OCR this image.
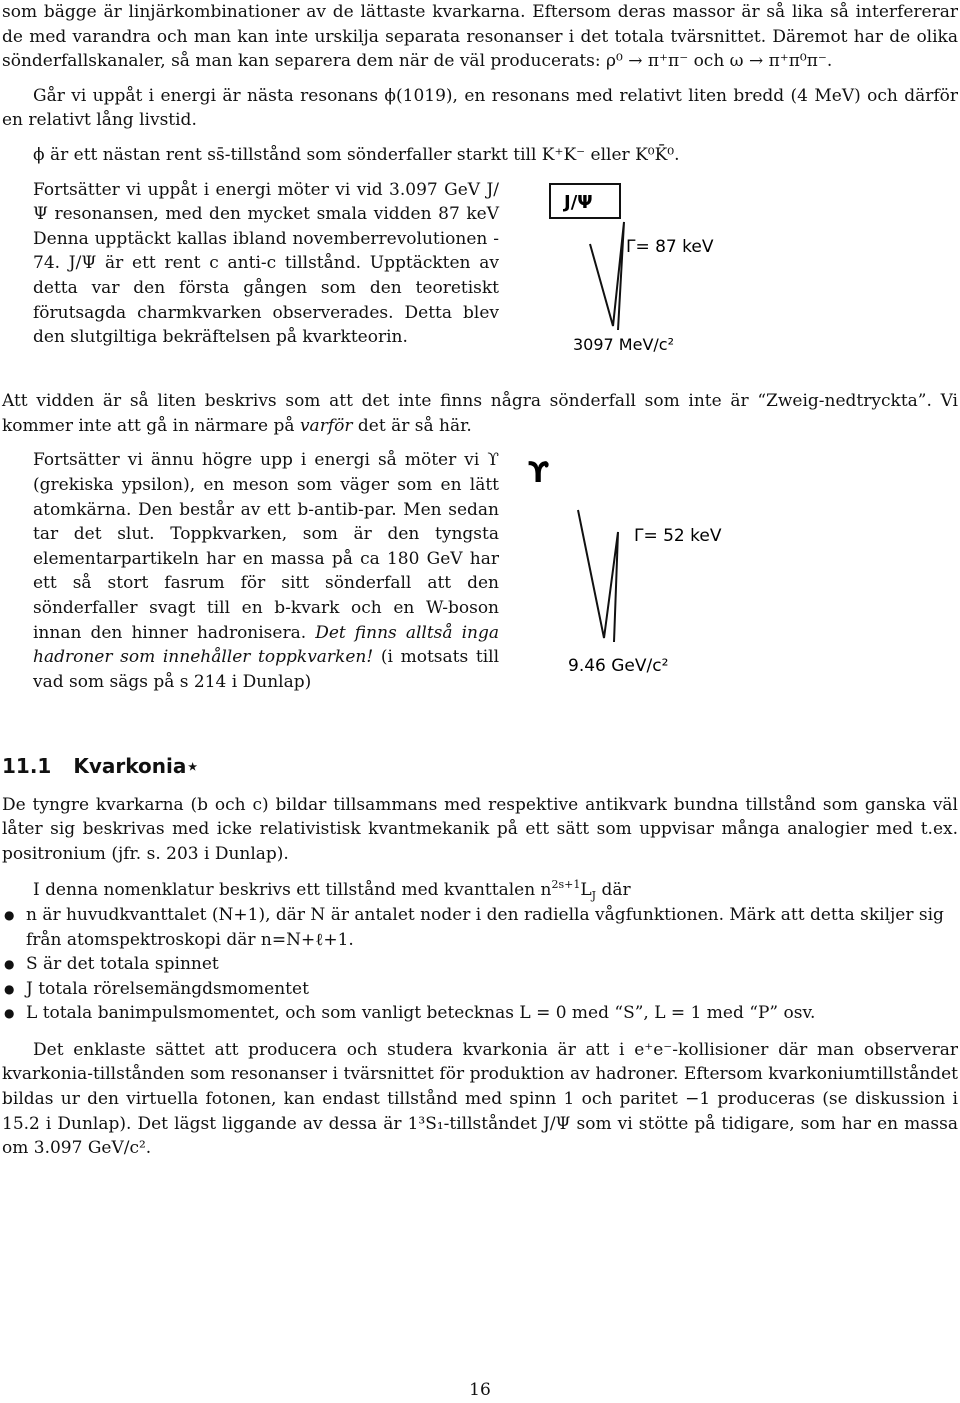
som bägge är linjärkombinationer av de lättaste kvarkarna. Eftersom deras massor är så lika så interfererar de med varandra och man kan inte urskilja separata resonanser i det totala tvärsnittet. Däremot har de olika sönderfallskanaler, så man kan separera dem när de väl producerats: ρ⁰ → π⁺π⁻ och ω → π⁺π⁰π⁻.

Går vi uppåt i energi är nästa resonans ϕ(1019), en resonans med relativt liten bredd (4 MeV) och därför en relativt lång livstid.

ϕ är ett nästan rent ss̄-tillstånd som sönderfaller starkt till K⁺K⁻ eller K⁰K̄⁰.

Fortsätter vi uppåt i energi möter vi vid 3.097 GeV J/Ψ resonansen, med den mycket smala vidden 87 keV Denna upptäckt kallas ibland novemberrevolutionen - 74. J/Ψ är ett rent c anti-c tillstånd. Upptäckten av detta var den första gången som den teoretiskt förutsagda charmkvarken observerades. Detta blev den slutgiltiga bekräftelsen på kvarkteorin.

J/Ψ
Γ= 87 keV
3097 MeV/c²

Att vidden är så liten beskrivs som att det inte finns några sönderfall som inte är “Zweig-nedtryckta”. Vi kommer inte att gå in närmare på varför det är så här.

Fortsätter vi ännu högre upp i energi så möter vi ϒ (grekiska ypsilon), en meson som väger som en lätt atomkärna. Den består av ett b-antib-par. Men sedan tar det slut. Toppkvarken, som är den tyngsta elementarpartikeln har en massa på ca 180 GeV har ett så stort fasrum för sitt sönderfall att den sönderfaller svagt till en b-kvark och en W-boson innan den hinner hadronisera. Det finns alltså inga hadroner som innehåller toppkvarken! (i motsats till vad som sägs på s 214 i Dunlap)

ϒ
Γ= 52 keV
9.46 GeV/c²
11.1 Kvarkonia⋆

De tyngre kvarkarna (b och c) bildar tillsammans med respektive antikvark bundna tillstånd som ganska väl låter sig beskrivas med icke relativistisk kvantmekanik på ett sätt som uppvisar många analogier med t.ex. positronium (jfr. s. 203 i Dunlap).

I denna nomenklatur beskrivs ett tillstånd med kvanttalen $n^{2s+1}L_J$ där

● n är huvudkvanttalet (N+1), där N är antalet noder i den radiella vågfunktionen. Märk att detta skiljer sig från atomspektroskopi där n=N+ℓ+1.
● S är det totala spinnet
● J totala rörelsemängdsmomentet
● L totala banimpulsmomentet, och som vanligt betecknas L = 0 med “S”, L = 1 med “P” osv.

Det enklaste sättet att producera och studera kvarkonia är att i e⁺e⁻-kollisioner där man observerar kvarkonia-tillstånden som resonanser i tvärsnittet för produktion av hadroner. Eftersom kvarkoniumtillståndet bildas ur den virtuella fotonen, kan endast tillstånd med spinn 1 och paritet −1 produceras (se diskussion i 15.2 i Dunlap). Det lägst liggande av dessa är 1³S₁-tillståndet J/Ψ som vi stötte på tidigare, som har en massa om 3.097 GeV/c².

16
